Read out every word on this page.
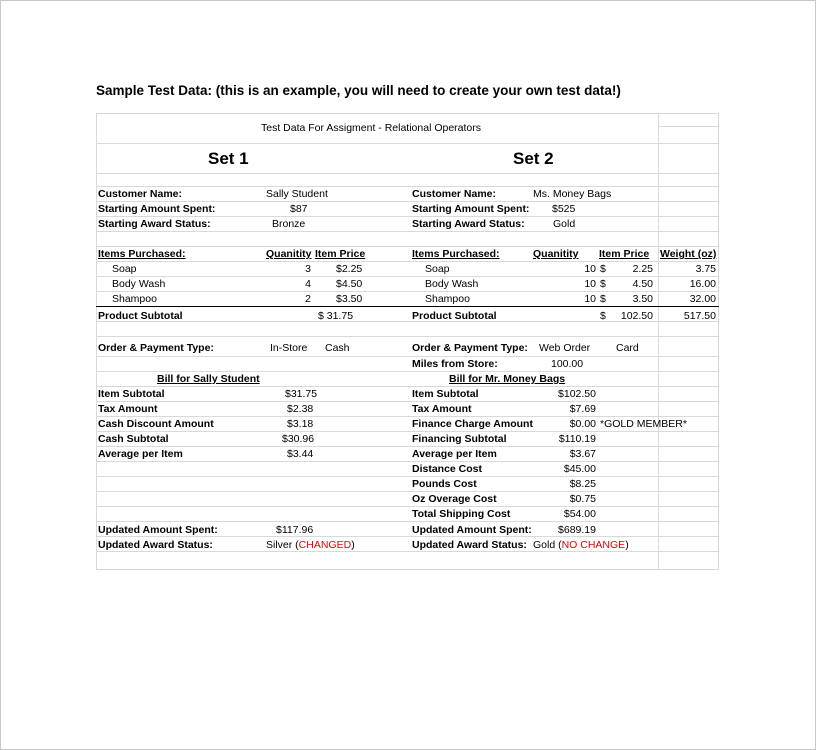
Sample Test Data: (this is an example, you will need to create your own test data!)
Test Data For Assigment - Relational Operators
Set 1	Set 2
Customer Name:	Sally Student
Starting Amount Spent:	$87
Starting Award Status:	Bronze
Items Purchased:	Quanitity Item Price
Soap	3 $2.25
Body Wash	4 $4.50
Shampoo	2 $3.50
Product Subtotal	$ 31.75
Order & Payment Type:	In-Store Cash
Bill for Sally Student
Item Subtotal	$31.75
Tax Amount	$2.38
Cash Discount Amount	$3.18
Cash Subtotal	$30.96
Average per Item	$3.44
Updated Amount Spent:	$117.96
Updated Award Status:	Silver (CHANGED)
Customer Name:	Ms. Money Bags
Starting Amount Spent: $525
Starting Award Status:	Gold
Items Purchased:	Quanitity Item Price Weight (oz)
Soap	10 $	2.25	3.75
Body Wash	10 $	4.50	16.00
Shampoo	10 $	3.50	32.00
Product Subtotal	$	102.50	517.50
Order & Payment Type: Web Order Card
Miles from Store:	100.00
Bill for Mr. Money Bags
Item Subtotal	$102.50
Tax Amount	$7.69
Finance Charge Amount	$0.00 *GOLD MEMBER*
Financing Subtotal	$110.19
Average per Item	$3.67
Distance Cost	$45.00
Pounds Cost	$8.25
Oz Overage Cost	$0.75
Total Shipping Cost	$54.00
Updated Amount Spent:	$689.19
Updated Award Status: Gold (NO CHANGE)
